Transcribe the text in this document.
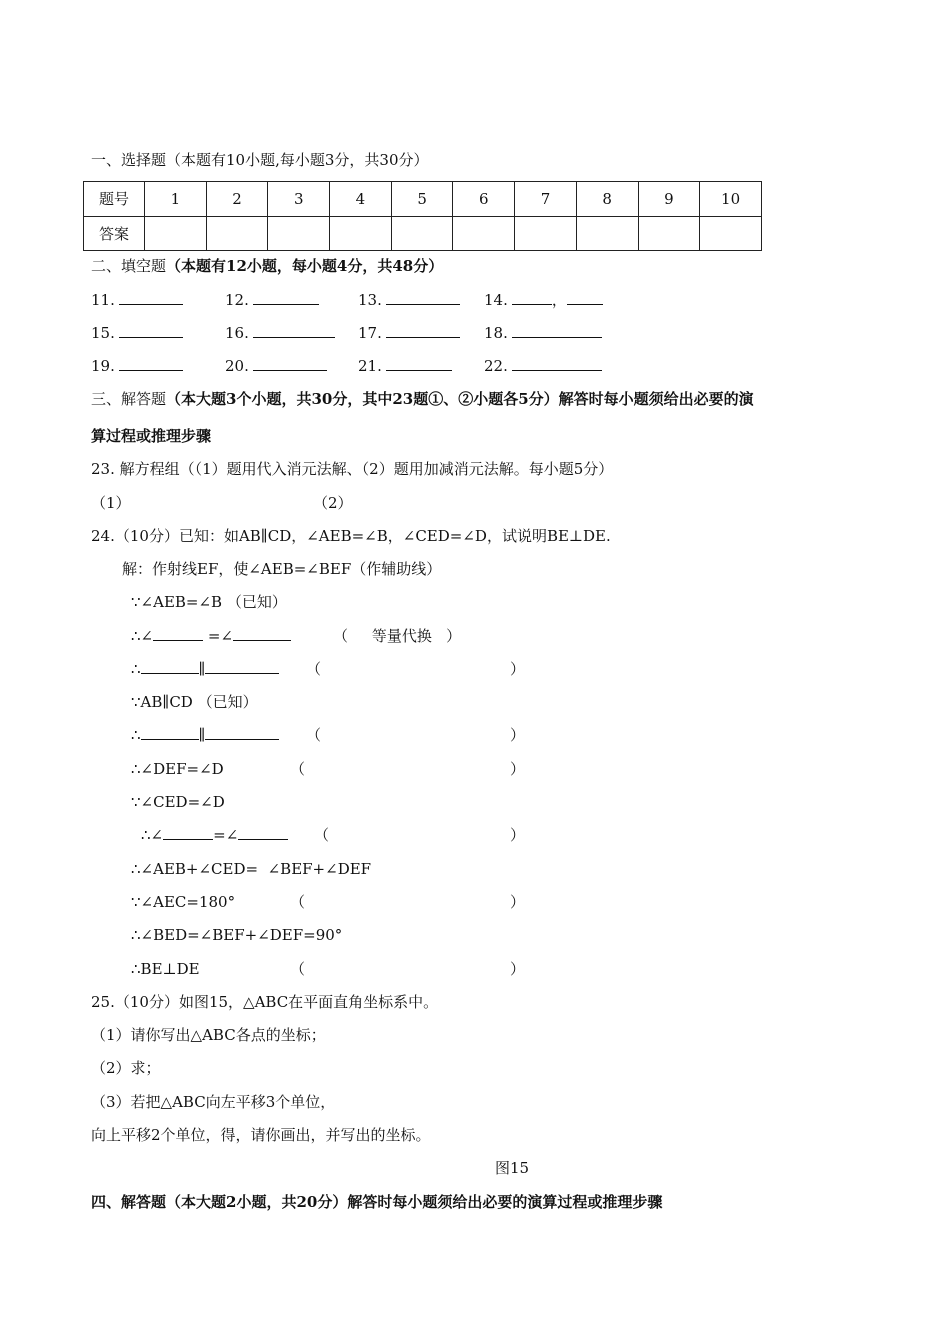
一、选择题（本题有10小题,每小题3分，共30分）
题号	1	2	3	4	5	6	7	8	9	10
答案										
二、填空题（本题有12小题，每小题4分，共48分）
11.	12.	13.	14.	，
15.	16.	17.	18.
19.	20.	21.	22.
三、解答题（本大题3个小题，共30分，其中23题①、②小题各5分）解答时每小题须给出必要的演
算过程或推理步骤
23. 解方程组（（1）题用代入消元法解、（2）题用加减消元法解。每小题5分）
（1）	（2）
24.（10分）已知：如AB∥CD，∠AEB=∠B，∠CED=∠D，试说明BE⊥DE.
解：作射线EF，使∠AEB=∠BEF（作辅助线）
∵∠AEB=∠B （已知）
∴∠	=∠	（     等量代换   ）
∴	∥	（	）
∵AB∥CD （已知）
∴	∥	（	）
∴∠DEF=∠D	（	）
∵∠CED=∠D
∴∠	=∠	（	）
∴∠AEB+∠CED=  ∠BEF+∠DEF
∵∠AEC=180°	（	）
∴∠BED=∠BEF+∠DEF=90°
∴BE⊥DE	（	）
25.（10分）如图15，△ABC在平面直角坐标系中。
（1）请你写出△ABC各点的坐标；
（2）求；
（3）若把△ABC向左平移3个单位，
向上平移2个单位，得，请你画出，并写出的坐标。
图15
四、解答题（本大题2小题，共20分）解答时每小题须给出必要的演算过程或推理步骤
